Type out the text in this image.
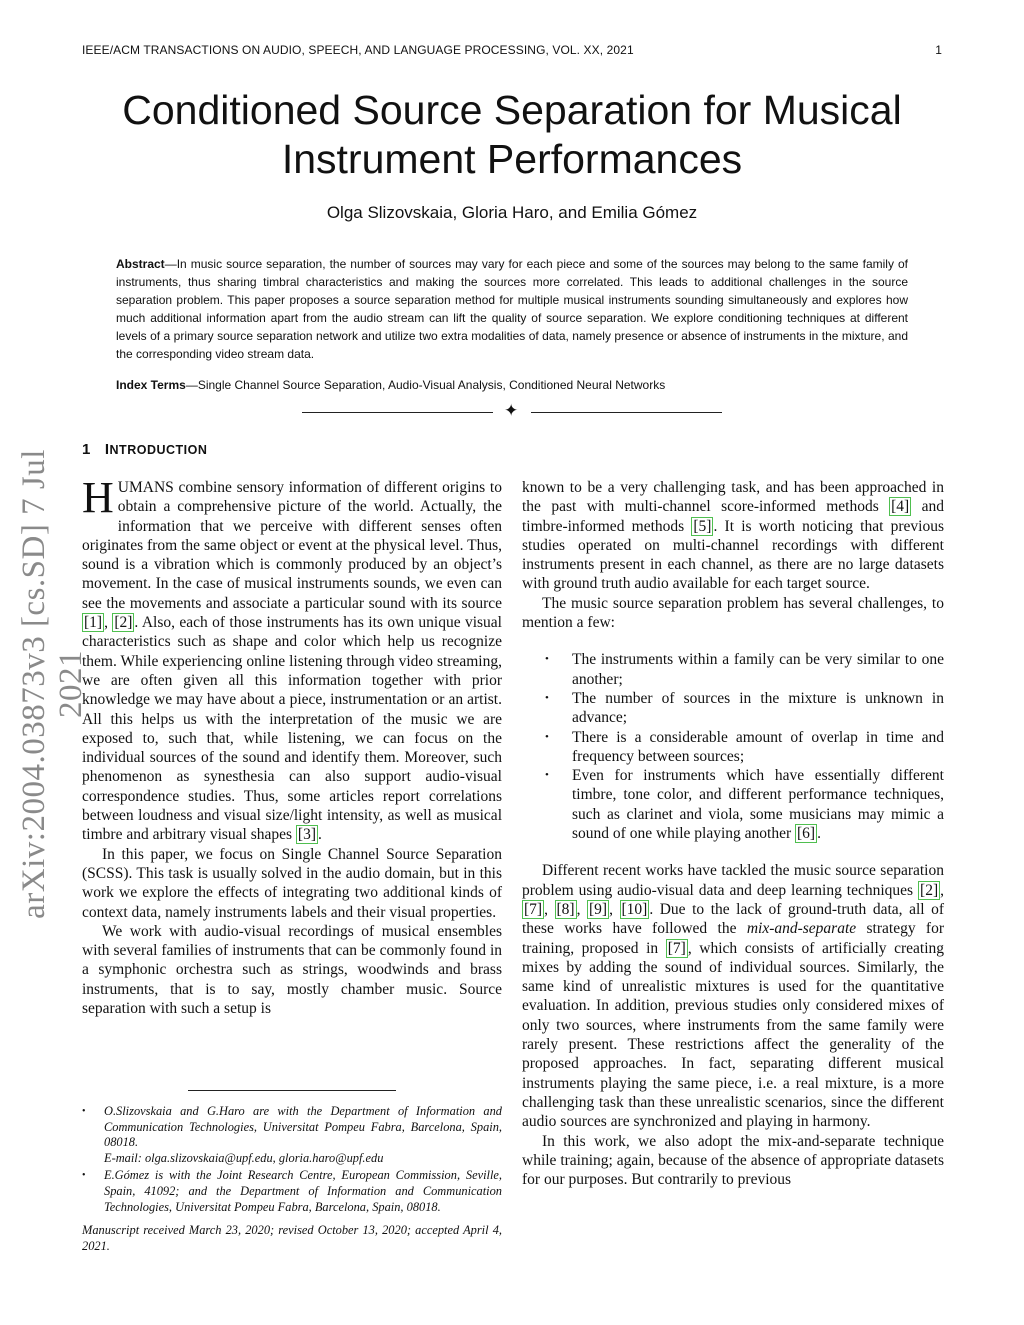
IEEE/ACM TRANSACTIONS ON AUDIO, SPEECH, AND LANGUAGE PROCESSING, VOL. XX, 2021	1
Conditioned Source Separation for Musical
Instrument Performances
Olga Slizovskaia, Gloria Haro, and Emilia Gómez
Abstract—In music source separation, the number of sources may vary for each piece and some of the sources may belong to the same family of instruments, thus sharing timbral characteristics and making the sources more correlated. This leads to additional challenges in the source separation problem. This paper proposes a source separation method for multiple musical instruments sounding simultaneously and explores how much additional information apart from the audio stream can lift the quality of source separation. We explore conditioning techniques at different levels of a primary source separation network and utilize two extra modalities of data, namely presence or absence of instruments in the mixture, and the corresponding video stream data.
Index Terms—Single Channel Source Separation, Audio-Visual Analysis, Conditioned Neural Networks
✦
arXiv:2004.03873v3 [cs.SD] 7 Jul 2021
1 INTRODUCTION

HUMANS combine sensory information of different origins to obtain a comprehensive picture of the world. Actually, the information that we perceive with different senses often originates from the same object or event at the physical level. Thus, sound is a vibration which is commonly produced by an object’s movement. In the case of musical instruments sounds, we even can see the movements and associate a particular sound with its source [1] , [2] . Also, each of those instruments has its own unique visual characteristics such as shape and color which help us recognize them. While experiencing online listening through video streaming, we are often given all this information together with prior knowledge we may have about a piece, instrumentation or an artist. All this helps us with the interpretation of the music we are exposed to, such that, while listening, we can focus on the individual sources of the sound and identify them. Moreover, such phenomenon as synesthesia can also support audio-visual correspondence studies. Thus, some articles report correlations between loudness and visual size/light intensity, as well as musical timbre and arbitrary visual shapes [3] .

In this paper, we focus on Single Channel Source Separation (SCSS). This task is usually solved in the audio domain, but in this work we explore the effects of integrating two additional kinds of context data, namely instruments labels and their visual properties.

We work with audio-visual recordings of musical ensembles with several families of instruments that can be commonly found in a symphonic orchestra such as strings, woodwinds and brass instruments, that is to say, mostly chamber music. Source separation with such a setup is

• O.Slizovskaia and G.Haro are with the Department of Information and Communication Technologies, Universitat Pompeu Fabra, Barcelona, Spain, 08018.
E-mail: olga.slizovskaia@upf.edu, gloria.haro@upf.edu
• E.Gómez is with the Joint Research Centre, European Commission, Seville, Spain, 41092; and the Department of Information and Communication Technologies, Universitat Pompeu Fabra, Barcelona, Spain, 08018.
Manuscript received March 23, 2020; revised October 13, 2020; accepted April 4, 2021.

known to be a very challenging task, and has been approached in the past with multi-channel score-informed methods [4] and timbre-informed methods [5] . It is worth noticing that previous studies operated on multi-channel recordings with different instruments present in each channel, as there are no large datasets with ground truth audio available for each target source.

The music source separation problem has several challenges, to mention a few:

• The instruments within a family can be very similar to one another;
• The number of sources in the mixture is unknown in advance;
• There is a considerable amount of overlap in time and frequency between sources;
• Even for instruments which have essentially different timbre, tone color, and different performance techniques, such as clarinet and viola, some musicians may mimic a sound of one while playing another [6] .

Different recent works have tackled the music source separation problem using audio-visual data and deep learning techniques [2] , [7] , [8] , [9] , [10] . Due to the lack of ground-truth data, all of these works have followed the mix-and-separate strategy for training, proposed in [7] , which consists of artificially creating mixes by adding the sound of individual sources. Similarly, the same kind of unrealistic mixtures is used for the quantitative evaluation. In addition, previous studies only considered mixes of only two sources, where instruments from the same family were rarely present. These restrictions affect the generality of the proposed approaches. In fact, separating different musical instruments playing the same piece, i.e. a real mixture, is a more challenging task than these unrealistic scenarios, since the different audio sources are synchronized and playing in harmony.

In this work, we also adopt the mix-and-separate technique while training; again, because of the absence of appropriate datasets for our purposes. But contrarily to previous
